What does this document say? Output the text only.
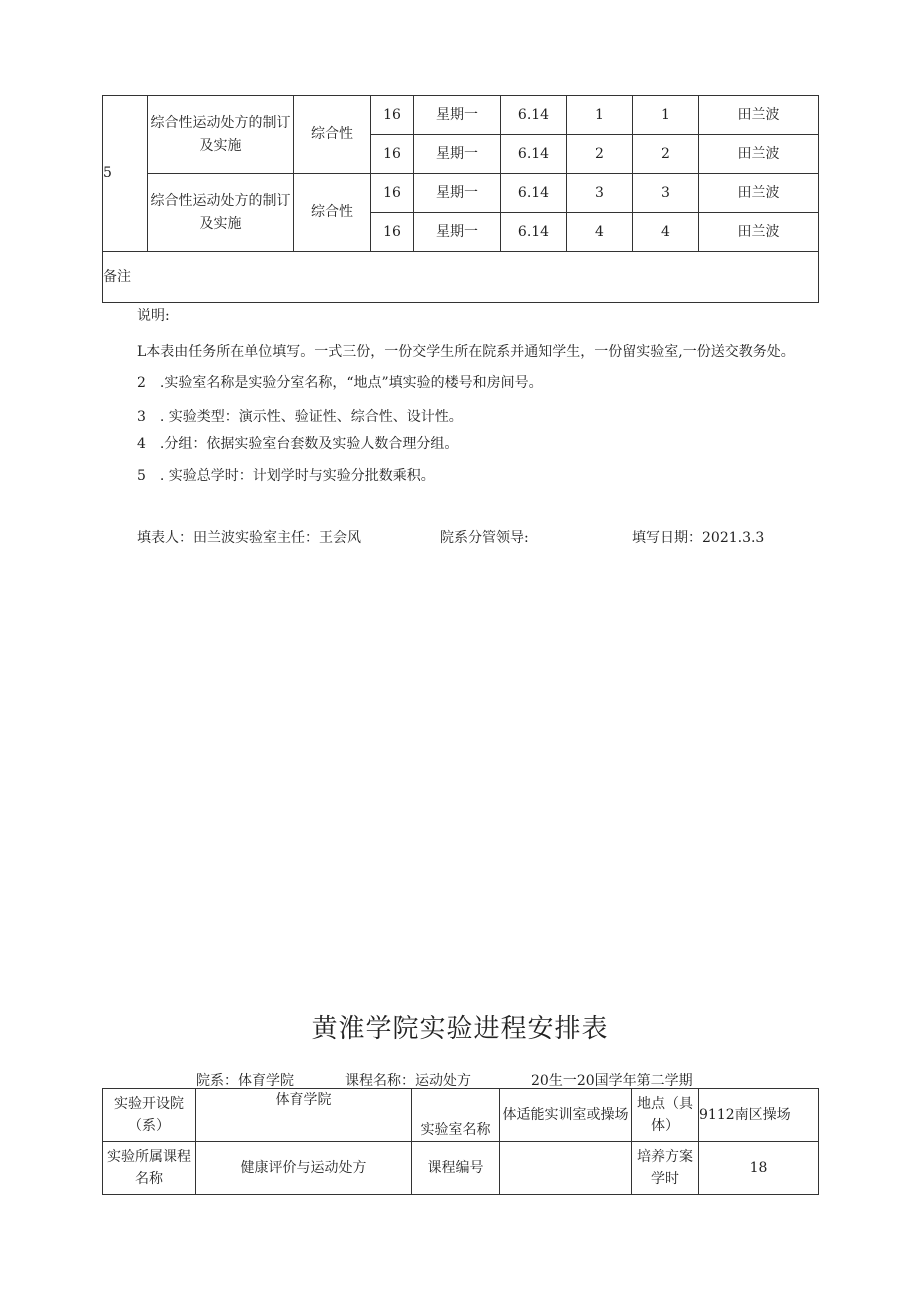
5	综合性运动处方的制订及实施	综合性	16	星期一	6.14	1	1	田兰波
			16	星期一	6.14	2	2	田兰波
	综合性运动处方的制订及实施	综合性	16	星期一	6.14	3	3	田兰波
			16	星期一	6.14	4	4	田兰波
备注								

说明:

L本表由任务所在单位填写。一式三份，一份交学生所在院系并通知学生，一份留实验室,一份送交教务处。

2　.实验室名称是实验分室名称，“地点”填实验的楼号和房间号。

3　. 实验类型：演示性、验证性、综合性、设计性。

4　.分组：依据实验室台套数及实验人数合理分组。

5　. 实验总学时：计划学时与实验分批数乘积。

填表人：田兰波实验室主任：王会风	院系分管领导:	填写日期：2021.3.3
黄淮学院实验进程安排表
院系：体育学院	课程名称：运动处方	20生一20国学年第二学期
实验开设院（系）	体育学院	实验室名称	体适能实训室或操场	地点（具体）	9112南区操场
实验所属课程名称	健康评价与运动处方	课程编号		培养方案学时	18
